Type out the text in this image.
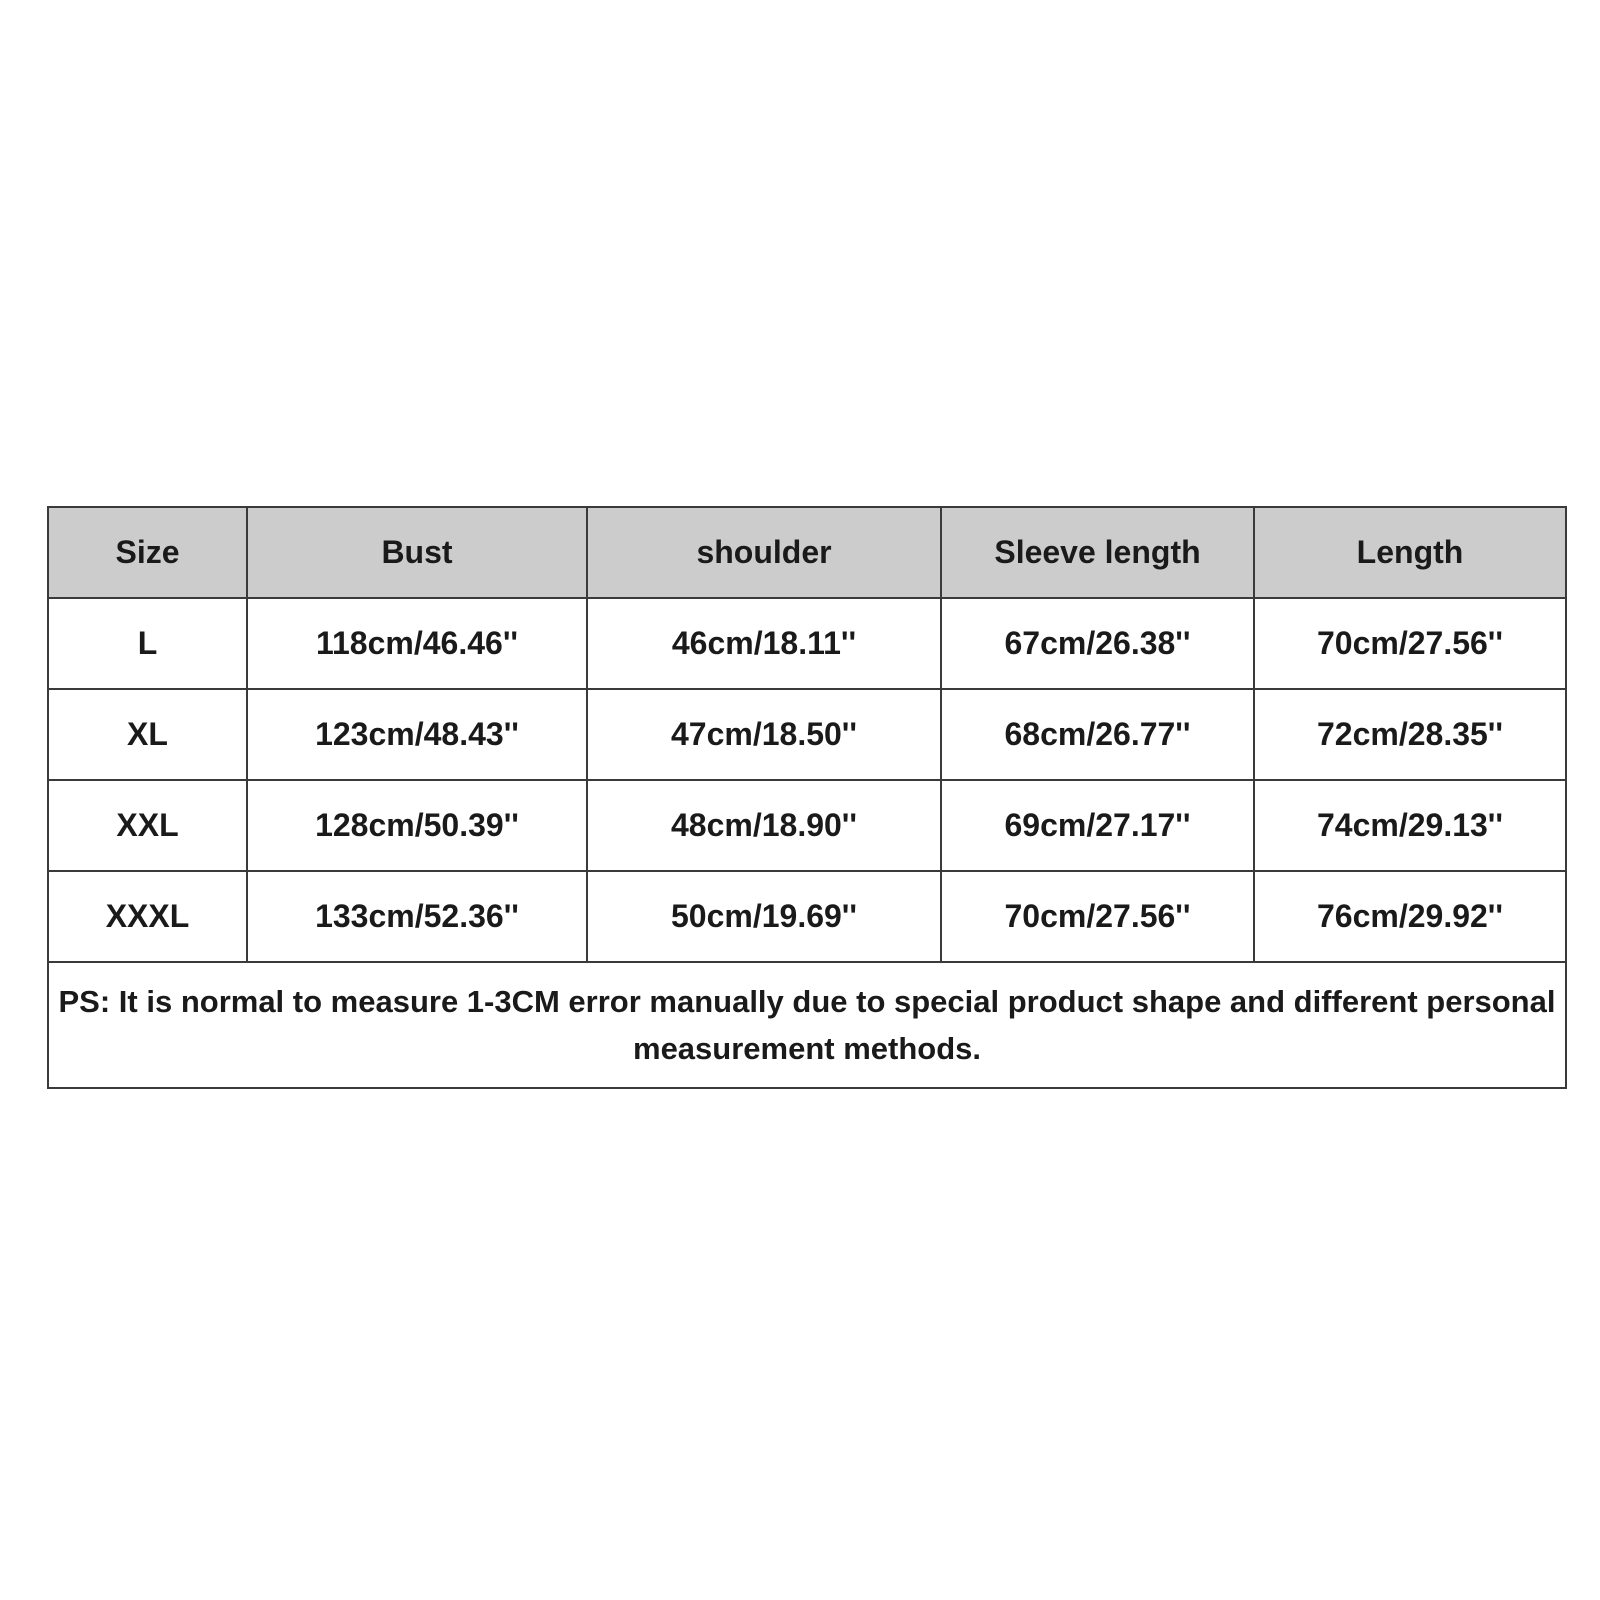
Size	Bust	shoulder	Sleeve length	Length
L	118cm/46.46''	46cm/18.11''	67cm/26.38''	70cm/27.56''
XL	123cm/48.43''	47cm/18.50''	68cm/26.77''	72cm/28.35''
XXL	128cm/50.39''	48cm/18.90''	69cm/27.17''	74cm/29.13''
XXXL	133cm/52.36''	50cm/19.69''	70cm/27.56''	76cm/29.92''
PS: It is normal to measure 1-3CM error manually due to special product shape and different personal measurement methods.				
